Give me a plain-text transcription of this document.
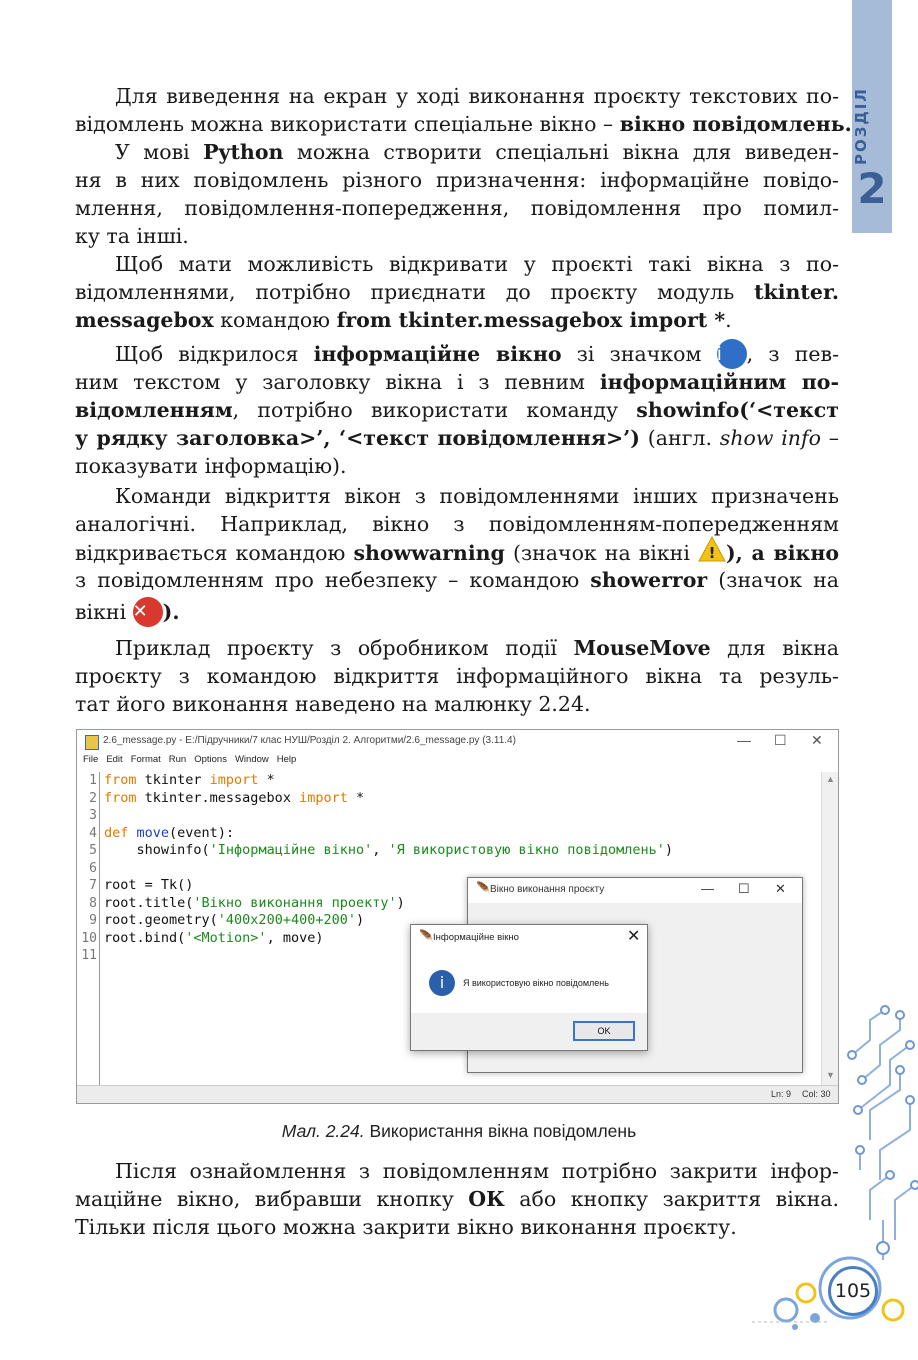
РОЗДІЛ
2
Для виведення на екран у ході виконання проєкту текстових по-
відомлень можна використати спеціальне вікно – вікно повідомлень.
У мові Python можна створити спеціальні вікна для виведен-
ня в них повідомлень різного призначення: інформаційне повідо-
млення, повідомлення-попередження, повідомлення про помил-
ку та інші.
Щоб мати можливість відкривати у проєкті такі вікна з по-
відомленнями, потрібно приєднати до проєкту модуль tkinter.
messagebox командою from tkinter.messagebox import *.
Щоб відкрилося інформаційне вікно зі значком i , з пев-
ним текстом у заголовку вікна і з певним інформаційним по-
відомленням, потрібно використати команду showinfo(‘<текст
у рядку заголовка>’, ‘<текст повідомлення>’) (англ. show info –
показувати інформацію).
Команди відкриття вікон з повідомленнями інших призначень
аналогічні. Наприклад, вікно з повідомленням-попередженням
відкривається командою showwarning (значок на вікні ! ), а вікно
з повідомленням про небезпеку – командою showerror (значок на
вікні ✕ ).
Приклад проєкту з обробником події MouseMove для вікна
проєкту з командою відкриття інформаційного вікна та резуль-
тат його виконання наведено на малюнку 2.24.
2.6_message.py - E:/Підручники/7 клас НУШ/Розділ 2. Алгоритми/2.6_message.py (3.11.4)	— ☐ ✕
File Edit Format Run Options Window Help
1
2
3
4
5
6
7
8
9
10
11
from tkinter import *
from tkinter.messagebox import *
def move(event):
showinfo('Інформаційне вікно', 'Я використовую вікно повідомлень')
root = Tk()
root.title('Вікно виконання проекту')
root.geometry('400x200+400+200')
root.bind('<Motion>', move)
▲
▼
Ln: 9 Col: 30
🪶 Вікно виконання проєкту	— ☐ ✕
🪶 Інформаційне вікно	✕
i	Я використовую вікно повідомлень
OK
Мал. 2.24. Використання вікна повідомлень
Після ознайомлення з повідомленням потрібно закрити інфор-
маційне вікно, вибравши кнопку ОК або кнопку закриття вікна.
Тільки після цього можна закрити вікно виконання проєкту.
105
